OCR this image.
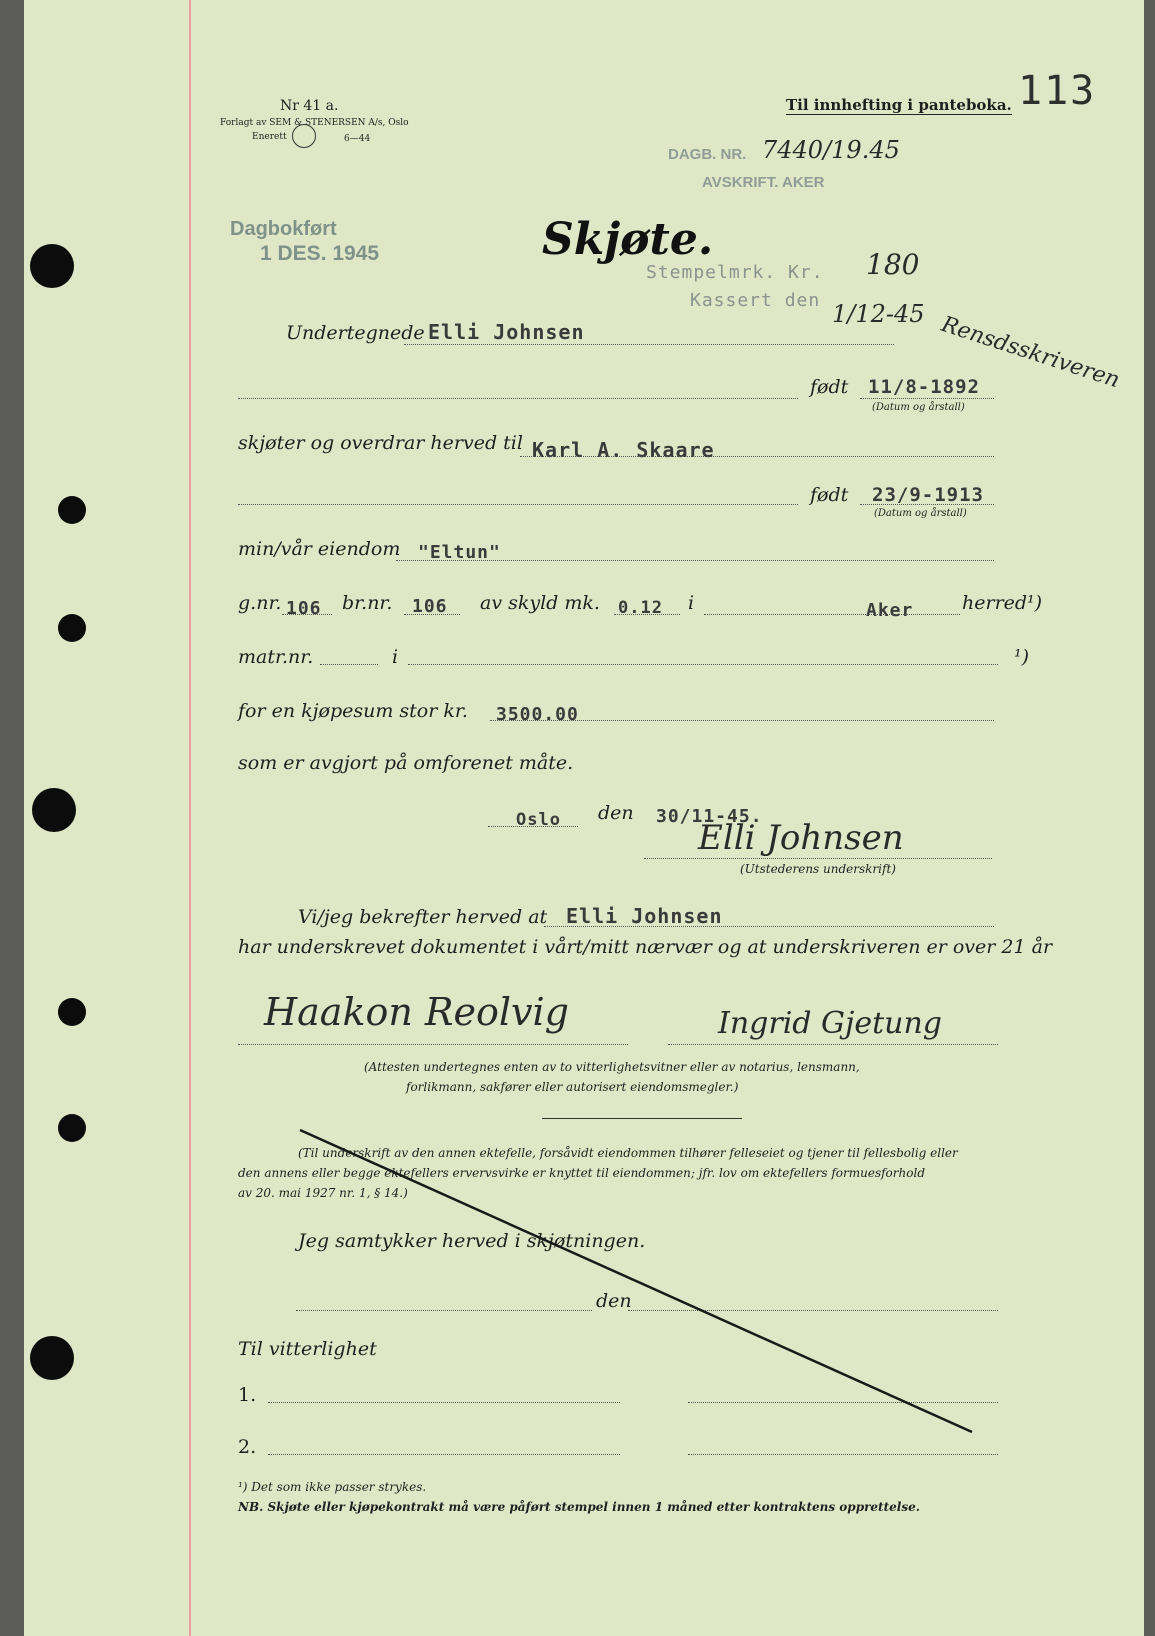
Nr 41 a.
Forlagt av SEM & STENERSEN A/s, Oslo
Enerett	6—44
Til innhefting i panteboka. 113
DAGB. NR. 7440/19.45
AVSKRIFT. AKER
Dagbokført
1 DES. 1945	Skjøte.
Stempelmrk. Kr. 180
Kassert den 1/12-45 Rensdsskriveren
Undertegnede Elli Johnsen
født 11/8-1892
(Datum og årstall)
skjøter og overdrar herved til Karl A. Skaare
født 23/9-1913
(Datum og årstall)
min/vår eiendom "Eltun"
g.nr. 106 br.nr. 106 av skyld mk. 0.12 i	Aker	herred¹)
matr.nr.	i	¹)
for en kjøpesum stor kr. 3500.00
som er avgjort på omforenet måte.
Oslo den 30/11-45.
Elli Johnsen
(Utstederens underskrift)
Vi/jeg bekrefter herved at Elli Johnsen
har underskrevet dokumentet i vårt/mitt nærvær og at underskriveren er over 21 år
Haakon Reolvig	Ingrid Gjetung
(Attesten undertegnes enten av to vitterlighetsvitner eller av notarius, lensmann,
forlikmann, sakfører eller autorisert eiendomsmegler.)
(Til underskrift av den annen ektefelle, forsåvidt eiendommen tilhører felleseiet og tjener til fellesbolig eller
den annens eller begge ektefellers ervervsvirke er knyttet til eiendommen; jfr. lov om ektefellers formuesforhold
av 20. mai 1927 nr. 1, § 14.)
Jeg samtykker herved i skjøtningen.
den
Til vitterlighet
1.
2.
¹) Det som ikke passer strykes.
NB. Skjøte eller kjøpekontrakt må være påført stempel innen 1 måned etter kontraktens opprettelse.
